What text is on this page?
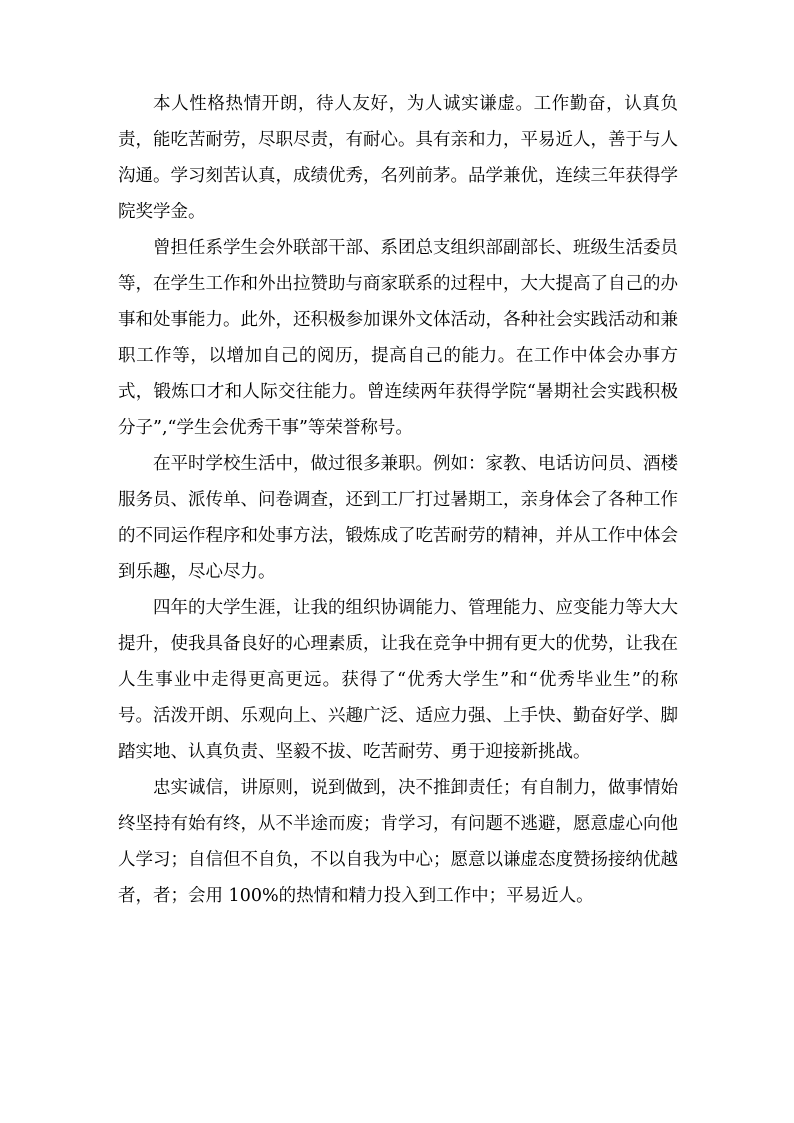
本人性格热情开朗，待人友好，为人诚实谦虚。工作勤奋，认真负责，能吃苦耐劳，尽职尽责，有耐心。具有亲和力，平易近人，善于与人沟通。学习刻苦认真，成绩优秀，名列前茅。品学兼优，连续三年获得学院奖学金。

曾担任系学生会外联部干部、系团总支组织部副部长、班级生活委员等，在学生工作和外出拉赞助与商家联系的过程中，大大提高了自己的办事和处事能力。此外，还积极参加课外文体活动，各种社会实践活动和兼职工作等，以增加自己的阅历，提高自己的能力。在工作中体会办事方式，锻炼口才和人际交往能力。曾连续两年获得学院“暑期社会实践积极分子”,“学生会优秀干事”等荣誉称号。

在平时学校生活中，做过很多兼职。例如：家教、电话访问员、酒楼服务员、派传单、问卷调查，还到工厂打过暑期工，亲身体会了各种工作的不同运作程序和处事方法，锻炼成了吃苦耐劳的精神，并从工作中体会到乐趣，尽心尽力。

四年的大学生涯，让我的组织协调能力、管理能力、应变能力等大大提升，使我具备良好的心理素质，让我在竞争中拥有更大的优势，让我在人生事业中走得更高更远。获得了“优秀大学生”和“优秀毕业生”的称号。活泼开朗、乐观向上、兴趣广泛、适应力强、上手快、勤奋好学、脚踏实地、认真负责、坚毅不拔、吃苦耐劳、勇于迎接新挑战。

忠实诚信，讲原则，说到做到，决不推卸责任；有自制力，做事情始终坚持有始有终，从不半途而废；肯学习，有问题不逃避，愿意虚心向他人学习；自信但不自负，不以自我为中心；愿意以谦虚态度赞扬接纳优越者，者；会用 100%的热情和精力投入到工作中；平易近人。
